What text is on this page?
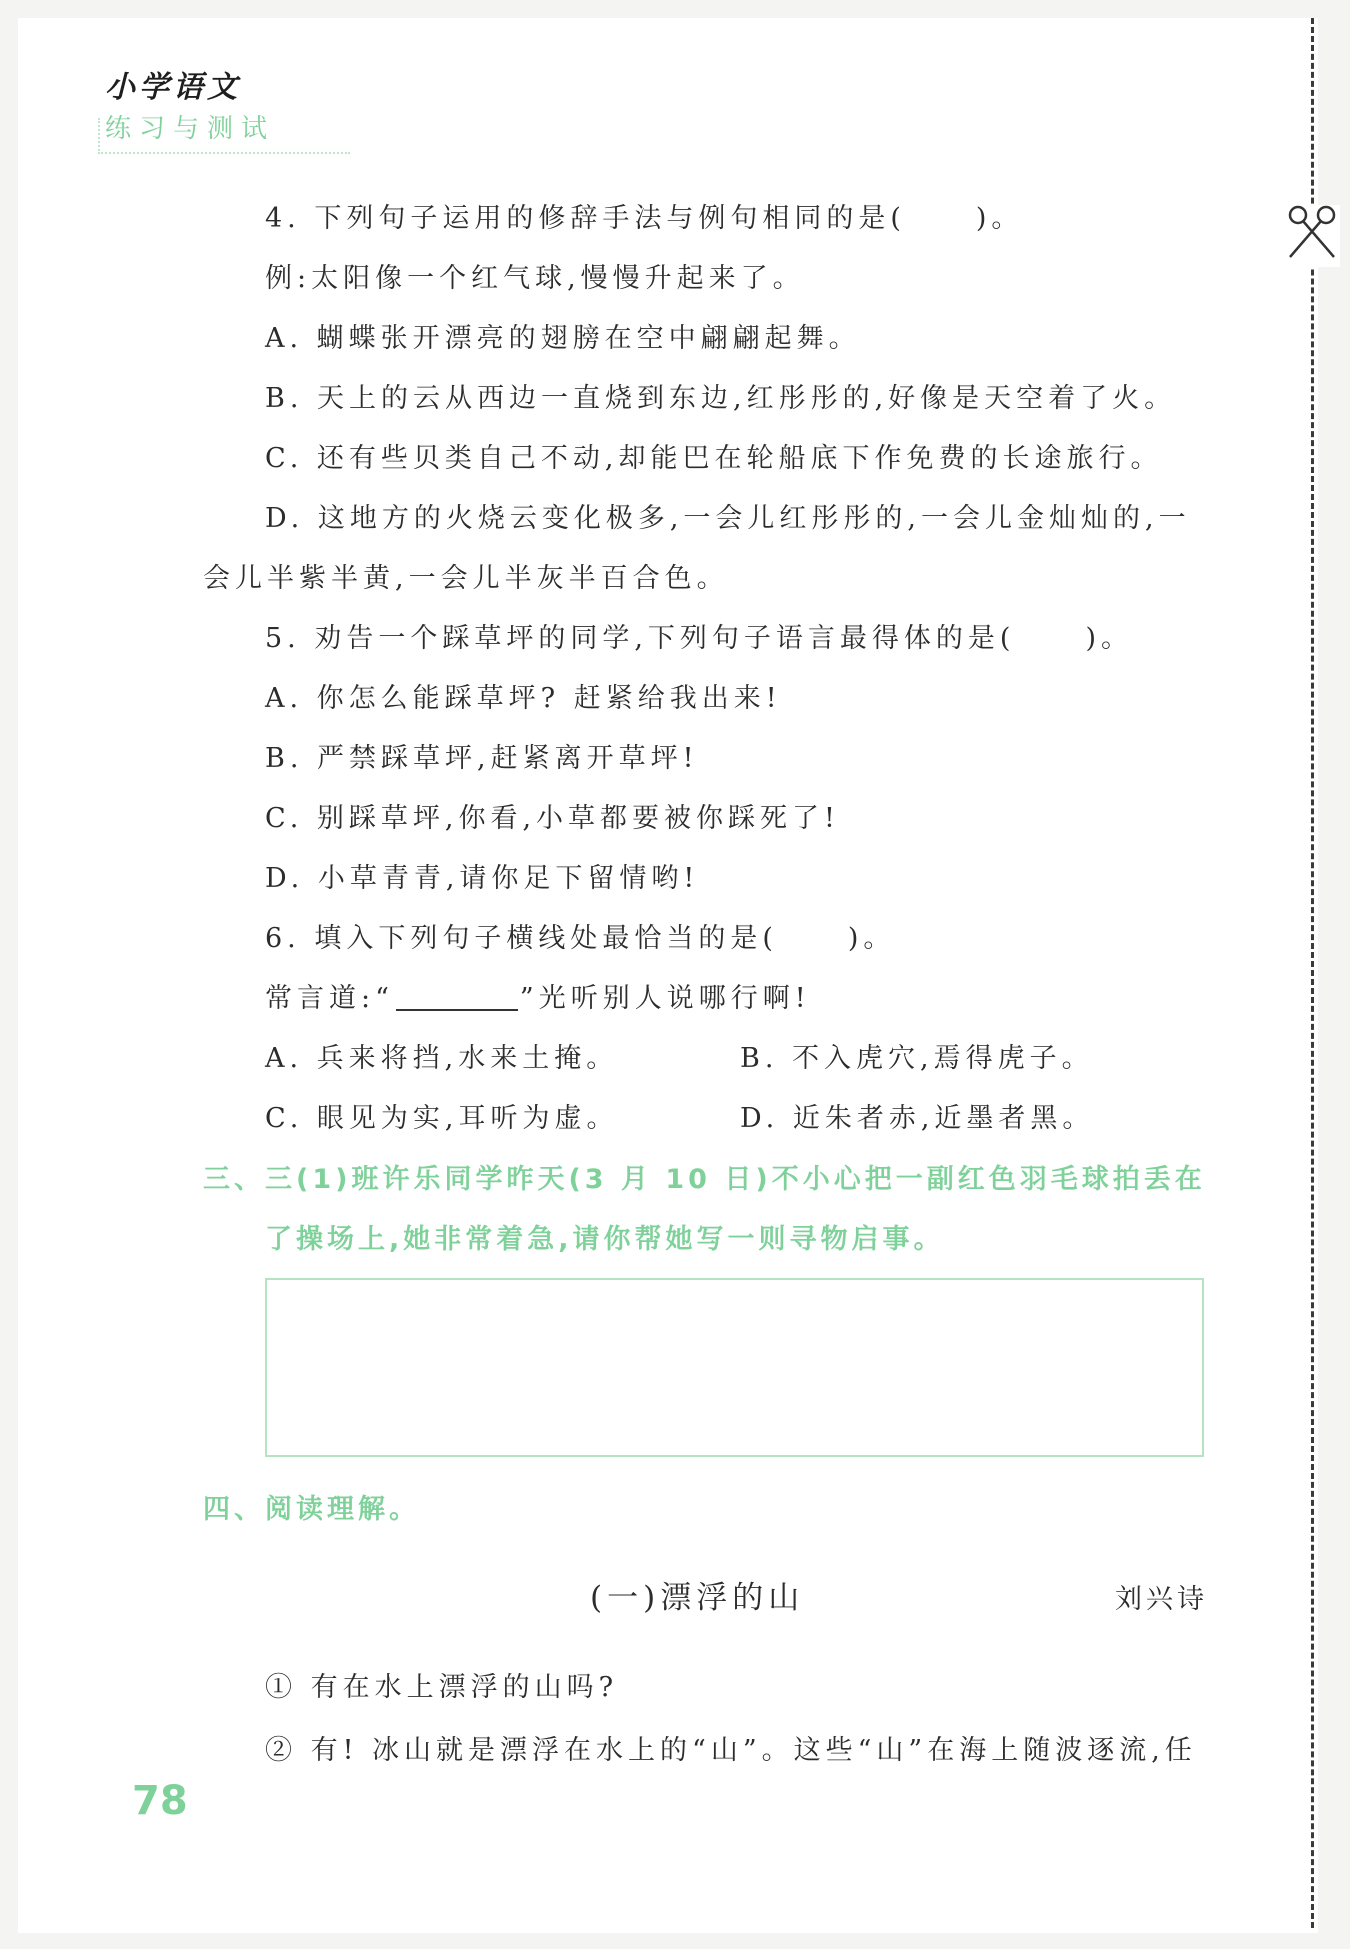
小学语文
练习与测试
4. 下列句子运用的修辞手法与例句相同的是(	)。
例:太阳像一个红气球,慢慢升起来了。
A. 蝴蝶张开漂亮的翅膀在空中翩翩起舞。
B. 天上的云从西边一直烧到东边,红彤彤的,好像是天空着了火。
C. 还有些贝类自己不动,却能巴在轮船底下作免费的长途旅行。
D. 这地方的火烧云变化极多,一会儿红彤彤的,一会儿金灿灿的,一
会儿半紫半黄,一会儿半灰半百合色。
5. 劝告一个踩草坪的同学,下列句子语言最得体的是(	)。
A. 你怎么能踩草坪? 赶紧给我出来!
B. 严禁踩草坪,赶紧离开草坪!
C. 别踩草坪,你看,小草都要被你踩死了!
D. 小草青青,请你足下留情哟!
6. 填入下列句子横线处最恰当的是(	)。
常言道:“	”光听别人说哪行啊!
A. 兵来将挡,水来土掩。	B. 不入虎穴,焉得虎子。
C. 眼见为实,耳听为虚。	D. 近朱者赤,近墨者黑。
三、三(1)班许乐同学昨天(3 月 10 日)不小心把一副红色羽毛球拍丢在
了操场上,她非常着急,请你帮她写一则寻物启事。
四、阅读理解。
(一)漂浮的山	刘兴诗
① 有在水上漂浮的山吗?
② 有! 冰山就是漂浮在水上的“山”。这些“山”在海上随波逐流,任
78
